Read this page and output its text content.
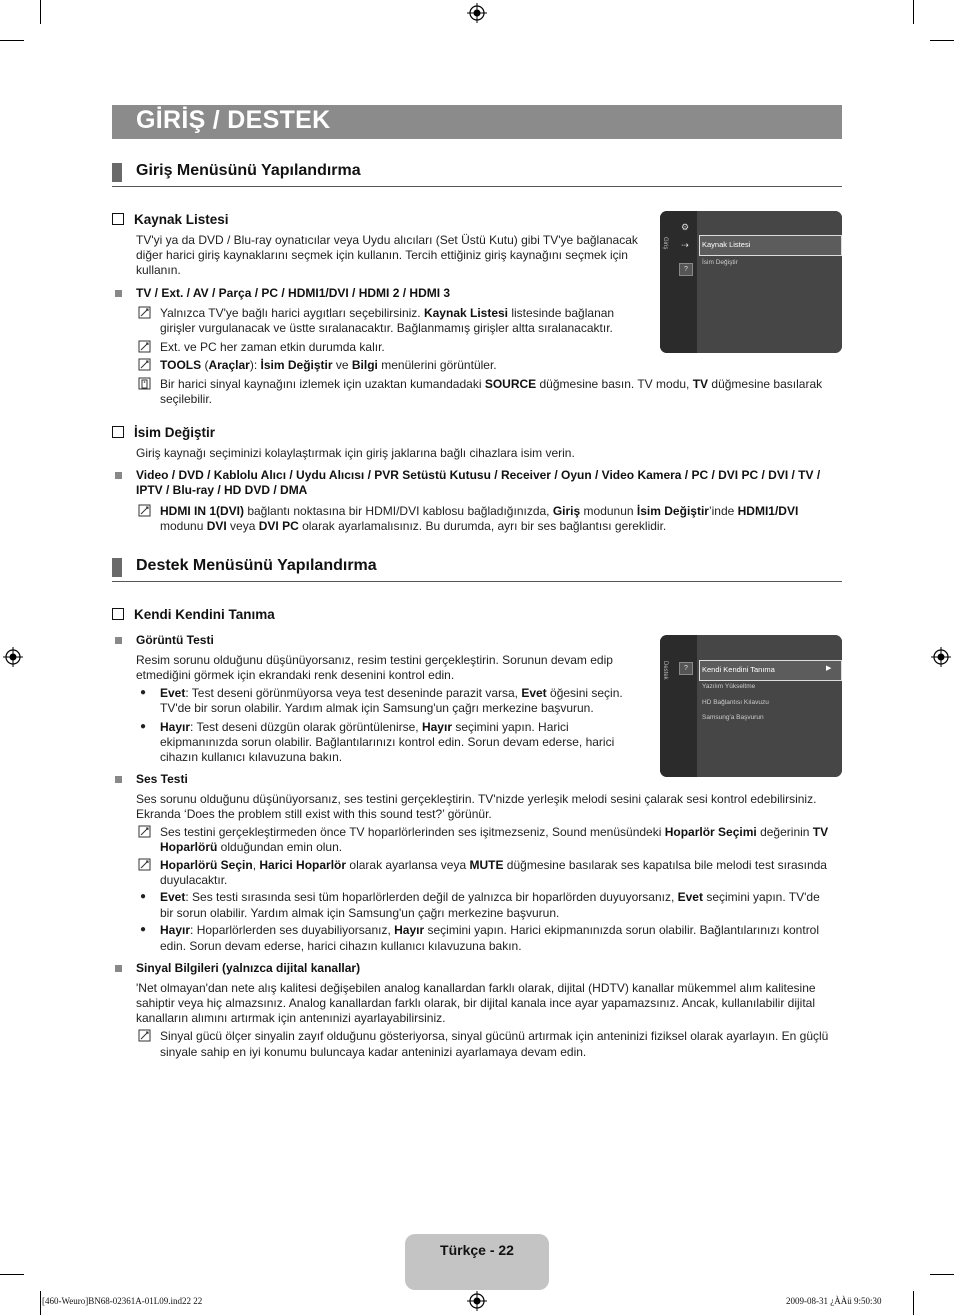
GİRİŞ / DESTEK
Giriş Menüsünü Yapılandırma
Kaynak Listesi
TV'yi ya da DVD / Blu-ray oynatıcılar veya Uydu alıcıları (Set Üstü Kutu) gibi TV'ye bağlanacak
diğer harici giriş kaynaklarını seçmek için kullanın. Tercih ettiğiniz giriş kaynağını seçmek için
kullanın.
TV / Ext. / AV / Parça / PC / HDMI1/DVI / HDMI 2 / HDMI 3
Yalnızca TV'ye bağlı harici aygıtları seçebilirsiniz. Kaynak Listesi listesinde bağlanan
girişler vurgulanacak ve üstte sıralanacaktır. Bağlanmamış girişler altta sıralanacaktır.
Ext. ve PC her zaman etkin durumda kalır.
TOOLS (Araçlar): İsim Değiştir ve Bilgi menülerini görüntüler.
Bir harici sinyal kaynağını izlemek için uzaktan kumandadaki SOURCE düğmesine basın. TV modu, TV düğmesine basılarak
seçilebilir.
Giriş
⚙
⇢
?
Kaynak Listesi
İsim Değiştir
İsim Değiştir
Giriş kaynağı seçiminizi kolaylaştırmak için giriş jaklarına bağlı cihazlara isim verin.
Video / DVD / Kablolu Alıcı / Uydu Alıcısı / PVR Setüstü Kutusu / Receiver / Oyun / Video Kamera / PC / DVI PC / DVI / TV /
IPTV / Blu-ray / HD DVD / DMA
HDMI IN 1(DVI) bağlantı noktasına bir HDMI/DVI kablosu bağladığınızda, Giriş modunun İsim Değiştir’inde HDMI1/DVI
modunu DVI veya DVI PC olarak ayarlamalısınız. Bu durumda, ayrı bir ses bağlantısı gereklidir.
Destek Menüsünü Yapılandırma
Kendi Kendini Tanıma
Görüntü Testi
Resim sorunu olduğunu düşünüyorsanız, resim testini gerçekleştirin. Sorunun devam edip
etmediğini görmek için ekrandaki renk desenini kontrol edin.
● Evet: Test deseni görünmüyorsa veya test deseninde parazit varsa, Evet öğesini seçin.
TV'de bir sorun olabilir. Yardım almak için Samsung'un çağrı merkezine başvurun.
● Hayır: Test deseni düzgün olarak görüntülenirse, Hayır seçimini yapın. Harici
ekipmanınızda sorun olabilir. Bağlantılarınızı kontrol edin. Sorun devam ederse, harici
cihazın kullanıcı kılavuzuna bakın.
Destek	?	Kendi Kendini Tanıma	▶
Yazılım Yükseltme
HD Bağlantısı Kılavuzu
Samsung'a Başvurun
Ses Testi
Ses sorunu olduğunu düşünüyorsanız, ses testini gerçekleştirin. TV'nizde yerleşik melodi sesini çalarak sesi kontrol edebilirsiniz.
Ekranda ‘Does the problem still exist with this sound test?’ görünür.
Ses testini gerçekleştirmeden önce TV hoparlörlerinden ses işitmezseniz, Sound menüsündeki Hoparlör Seçimi değerinin TV
Hoparlörü olduğundan emin olun.
Hoparlörü Seçin, Harici Hoparlör olarak ayarlansa veya MUTE düğmesine basılarak ses kapatılsa bile melodi test sırasında
duyulacaktır.
● Evet: Ses testi sırasında sesi tüm hoparlörlerden değil de yalnızca bir hoparlörden duyuyorsanız, Evet seçimini yapın. TV'de
bir sorun olabilir. Yardım almak için Samsung'un çağrı merkezine başvurun.
● Hayır: Hoparlörlerden ses duyabiliyorsanız, Hayır seçimini yapın. Harici ekipmanınızda sorun olabilir. Bağlantılarınızı kontrol
edin. Sorun devam ederse, harici cihazın kullanıcı kılavuzuna bakın.
Sinyal Bilgileri (yalnızca dijital kanallar)
'Net olmayan'dan nete alış kalitesi değişebilen analog kanallardan farklı olarak, dijital (HDTV) kanallar mükemmel alım kalitesine
sahiptir veya hiç almazsınız. Analog kanallardan farklı olarak, bir dijital kanala ince ayar yapamazsınız. Ancak, kullanılabilir dijital
kanalların alımını artırmak için antenınizi ayarlayabilirsiniz.
Sinyal gücü ölçer sinyalin zayıf olduğunu gösteriyorsa, sinyal gücünü artırmak için anteninizi fiziksel olarak ayarlayın. En güçlü
sinyale sahip en iyi konumu buluncaya kadar anteninizi ayarlamaya devam edin.
Türkçe - 22
[460-Weuro]BN68-02361A-01L09.ind22 22	2009-08-31 ¿ÀÀü 9:50:30
